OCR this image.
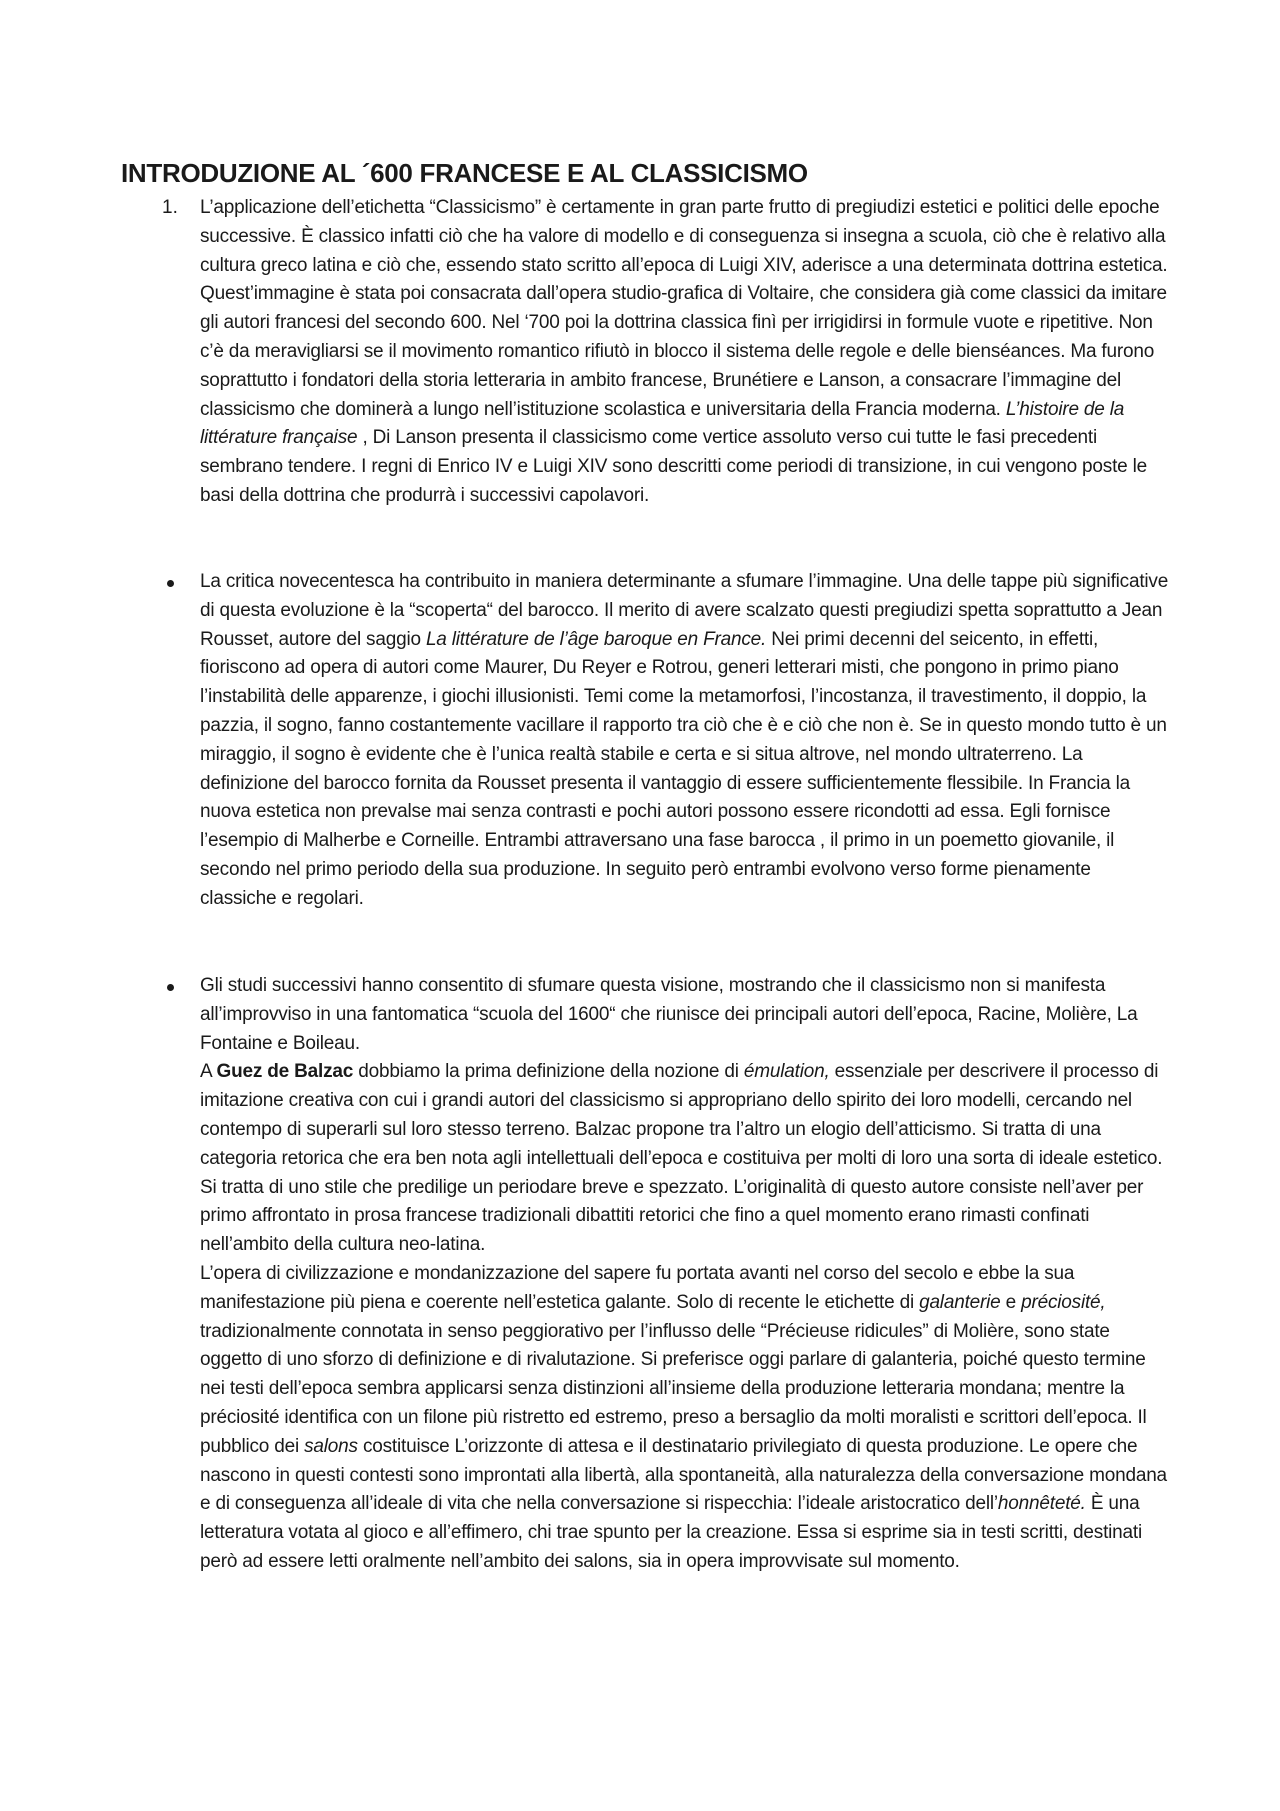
INTRODUZIONE AL ´600 FRANCESE E AL CLASSICISMO
1.	L’applicazione dell’etichetta “Classicismo” è certamente in gran parte frutto di pregiudizi estetici e politici delle epoche successive. È classico infatti ciò che ha valore di modello e di conseguenza si insegna a scuola, ciò che è relativo alla cultura greco latina e ciò che, essendo stato scritto all’epoca di Luigi XIV, aderisce a una determinata dottrina estetica. Quest’immagine è stata poi consacrata dall’opera studio-grafica di Voltaire, che considera già come classici da imitare gli autori francesi del secondo 600. Nel ‘700 poi la dottrina classica finì per irrigidirsi in formule vuote e ripetitive. Non c’è da meravigliarsi se il movimento romantico rifiutò in blocco il sistema delle regole e delle bienséances. Ma furono soprattutto i fondatori della storia letteraria in ambito francese, Brunétiere e Lanson, a consacrare l’immagine del classicismo che dominerà a lungo nell’istituzione scolastica e universitaria della Francia moderna. L’histoire de la littérature française , Di Lanson presenta il classicismo come vertice assoluto verso cui tutte le fasi precedenti sembrano tendere. I regni di Enrico IV e Luigi XIV sono descritti come periodi di transizione, in cui vengono poste le basi della dottrina che produrrà i successivi capolavori.

La critica novecentesca ha contribuito in maniera determinante a sfumare l’immagine. Una delle tappe più significative di questa evoluzione è la “scoperta“ del barocco. Il merito di avere scalzato questi pregiudizi spetta soprattutto a Jean Rousset, autore del saggio La littérature de l’âge baroque en France. Nei primi decenni del seicento, in effetti, fioriscono ad opera di autori come Maurer, Du Reyer e Rotrou, generi letterari misti, che pongono in primo piano l’instabilità delle apparenze, i giochi illusionisti. Temi come la metamorfosi, l’incostanza, il travestimento, il doppio, la pazzia, il sogno, fanno costantemente vacillare il rapporto tra ciò che è e ciò che non è. Se in questo mondo tutto è un miraggio, il sogno è evidente che è l’unica realtà stabile e certa e si situa altrove, nel mondo ultraterreno. La definizione del barocco fornita da Rousset presenta il vantaggio di essere sufficientemente flessibile. In Francia la nuova estetica non prevalse mai senza contrasti e pochi autori possono essere ricondotti ad essa. Egli fornisce l’esempio di Malherbe e Corneille. Entrambi attraversano una fase barocca , il primo in un poemetto giovanile, il secondo nel primo periodo della sua produzione. In seguito però entrambi evolvono verso forme pienamente classiche e regolari.

Gli studi successivi hanno consentito di sfumare questa visione, mostrando che il classicismo non si manifesta all’improvviso in una fantomatica “scuola del 1600“ che riunisce dei principali autori dell’epoca, Racine, Molière, La Fontaine e Boileau.

A Guez de Balzac dobbiamo la prima definizione della nozione di émulation, essenziale per descrivere il processo di imitazione creativa con cui i grandi autori del classicismo si appropriano dello spirito dei loro modelli, cercando nel contempo di superarli sul loro stesso terreno. Balzac propone tra l’altro un elogio dell’atticismo. Si tratta di una categoria retorica che era ben nota agli intellettuali dell’epoca e costituiva per molti di loro una sorta di ideale estetico. Si tratta di uno stile che predilige un periodare breve e spezzato. L’originalità di questo autore consiste nell’aver per primo affrontato in prosa francese tradizionali dibattiti retorici che fino a quel momento erano rimasti confinati nell’ambito della cultura neo-latina.

L’opera di civilizzazione e mondanizzazione del sapere fu portata avanti nel corso del secolo e ebbe la sua manifestazione più piena e coerente nell’estetica galante. Solo di recente le etichette di galanterie e préciosité, tradizionalmente connotata in senso peggiorativo per l’influsso delle “Précieuse ridicules” di Molière, sono state oggetto di uno sforzo di definizione e di rivalutazione. Si preferisce oggi parlare di galanteria, poiché questo termine nei testi dell’epoca sembra applicarsi senza distinzioni all’insieme della produzione letteraria mondana; mentre la préciosité identifica con un filone più ristretto ed estremo, preso a bersaglio da molti moralisti e scrittori dell’epoca. Il pubblico dei salons costituisce L’orizzonte di attesa e il destinatario privilegiato di questa produzione. Le opere che nascono in questi contesti sono improntati alla libertà, alla spontaneità, alla naturalezza della conversazione mondana e di conseguenza all’ideale di vita che nella conversazione si rispecchia: l’ideale aristocratico dell’honnêteté. È una letteratura votata al gioco e all’effimero, chi trae spunto per la creazione. Essa si esprime sia in testi scritti, destinati però ad essere letti oralmente nell’ambito dei salons, sia in opera improvvisate sul momento.
